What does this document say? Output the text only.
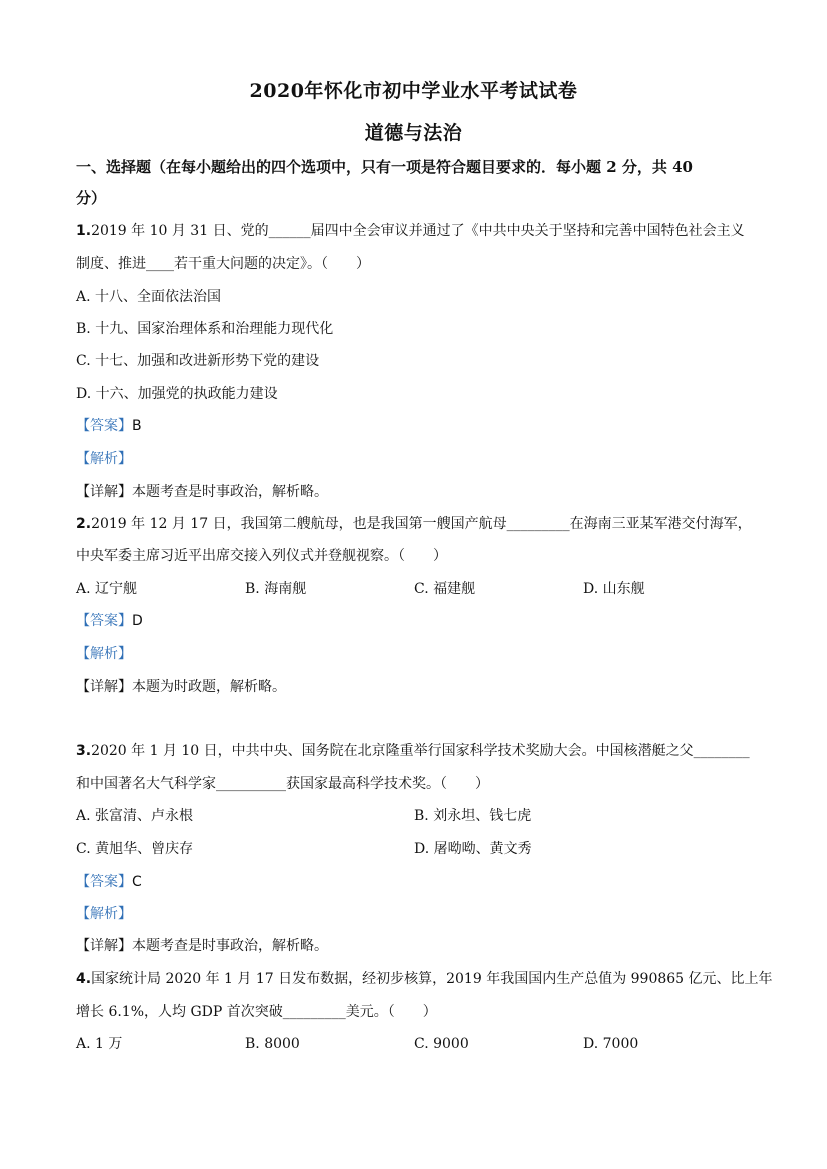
2020年怀化市初中学业水平考试试卷
道德与法治
一、选择题（在每小题给出的四个选项中，只有一项是符合题目要求的．每小题 2 分，共 40
分）
1.2019 年 10 月 31 日、党的______届四中全会审议并通过了《中共中央关于坚持和完善中国特色社会主义
制度、推进____若干重大问题的决定》。（　　）
A. 十八、全面依法治国
B. 十九、国家治理体系和治理能力现代化
C. 十七、加强和改进新形势下党的建设
D. 十六、加强党的执政能力建设
【答案】B
【解析】
【详解】本题考查是时事政治，解析略。
2.2019 年 12 月 17 日，我国第二艘航母，也是我国第一艘国产航母_________在海南三亚某军港交付海军，
中央军委主席习近平出席交接入列仪式并登舰视察。（　　）
A. 辽宁舰	B. 海南舰	C. 福建舰	D. 山东舰
【答案】D
【解析】
【详解】本题为时政题，解析略。
3.2020 年 1 月 10 日，中共中央、国务院在北京隆重举行国家科学技术奖励大会。中国核潜艇之父________
和中国著名大气科学家__________获国家最高科学技术奖。（　　）
A. 张富清、卢永根	B. 刘永坦、钱七虎
C. 黄旭华、曾庆存	D. 屠呦呦、黄文秀
【答案】C
【解析】
【详解】本题考查是时事政治，解析略。
4.国家统计局 2020 年 1 月 17 日发布数据，经初步核算，2019 年我国国内生产总值为 990865 亿元、比上年
增长 6.1%，人均 GDP 首次突破_________美元。（　　）
A. 1 万	B. 8000	C. 9000	D. 7000
